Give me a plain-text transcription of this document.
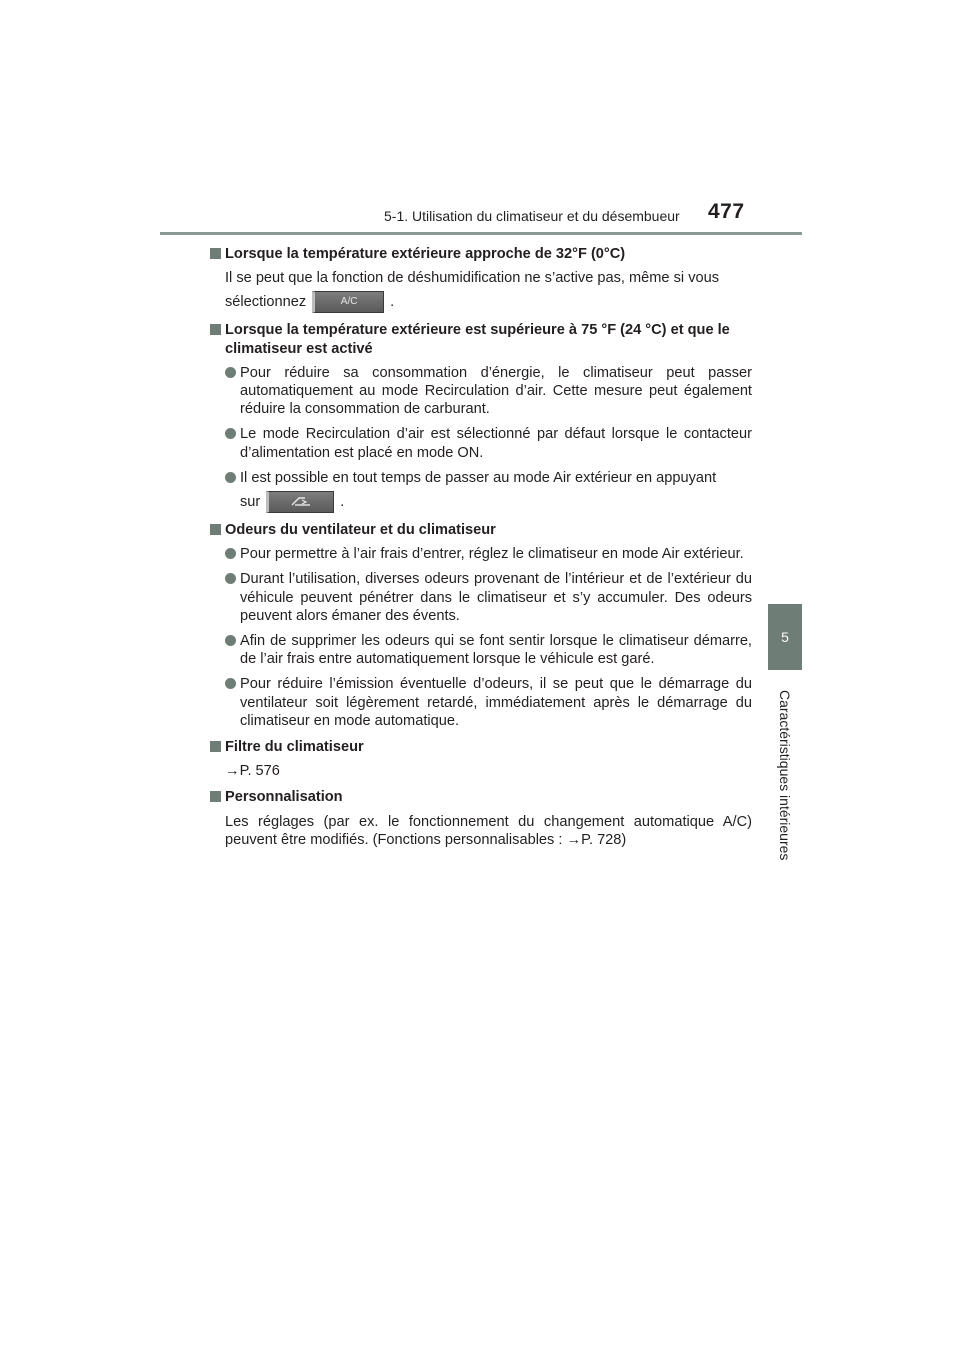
5-1. Utilisation du climatiseur et du désembueur 477
5
Caractéristiques intérieures
Lorsque la température extérieure approche de 32°F (0°C)
Il se peut que la fonction de déshumidification ne s’active pas, même si vous
sélectionnez	A/C	.
Lorsque la température extérieure est supérieure à 75 °F (24 °C) et que le climatiseur est activé
Pour réduire sa consommation d’énergie, le climatiseur peut passer automatiquement au mode Recirculation d’air. Cette mesure peut également réduire la consommation de carburant.
Le mode Recirculation d’air est sélectionné par défaut lorsque le contacteur d’alimentation est placé en mode ON.
Il est possible en tout temps de passer au mode Air extérieur en appuyant
sur	.
Odeurs du ventilateur et du climatiseur
Pour permettre à l’air frais d’entrer, réglez le climatiseur en mode Air extérieur.
Durant l’utilisation, diverses odeurs provenant de l’intérieur et de l’extérieur du véhicule peuvent pénétrer dans le climatiseur et s’y accumuler. Des odeurs peuvent alors émaner des évents.
Afin de supprimer les odeurs qui se font sentir lorsque le climatiseur démarre, de l’air frais entre automatiquement lorsque le véhicule est garé.
Pour réduire l’émission éventuelle d’odeurs, il se peut que le démarrage du ventilateur soit légèrement retardé, immédiatement après le démarrage du climatiseur en mode automatique.
Filtre du climatiseur
→P. 576
Personnalisation
Les réglages (par ex. le fonctionnement du changement automatique A/C) peuvent être modifiés. (Fonctions personnalisables : →P. 728)
